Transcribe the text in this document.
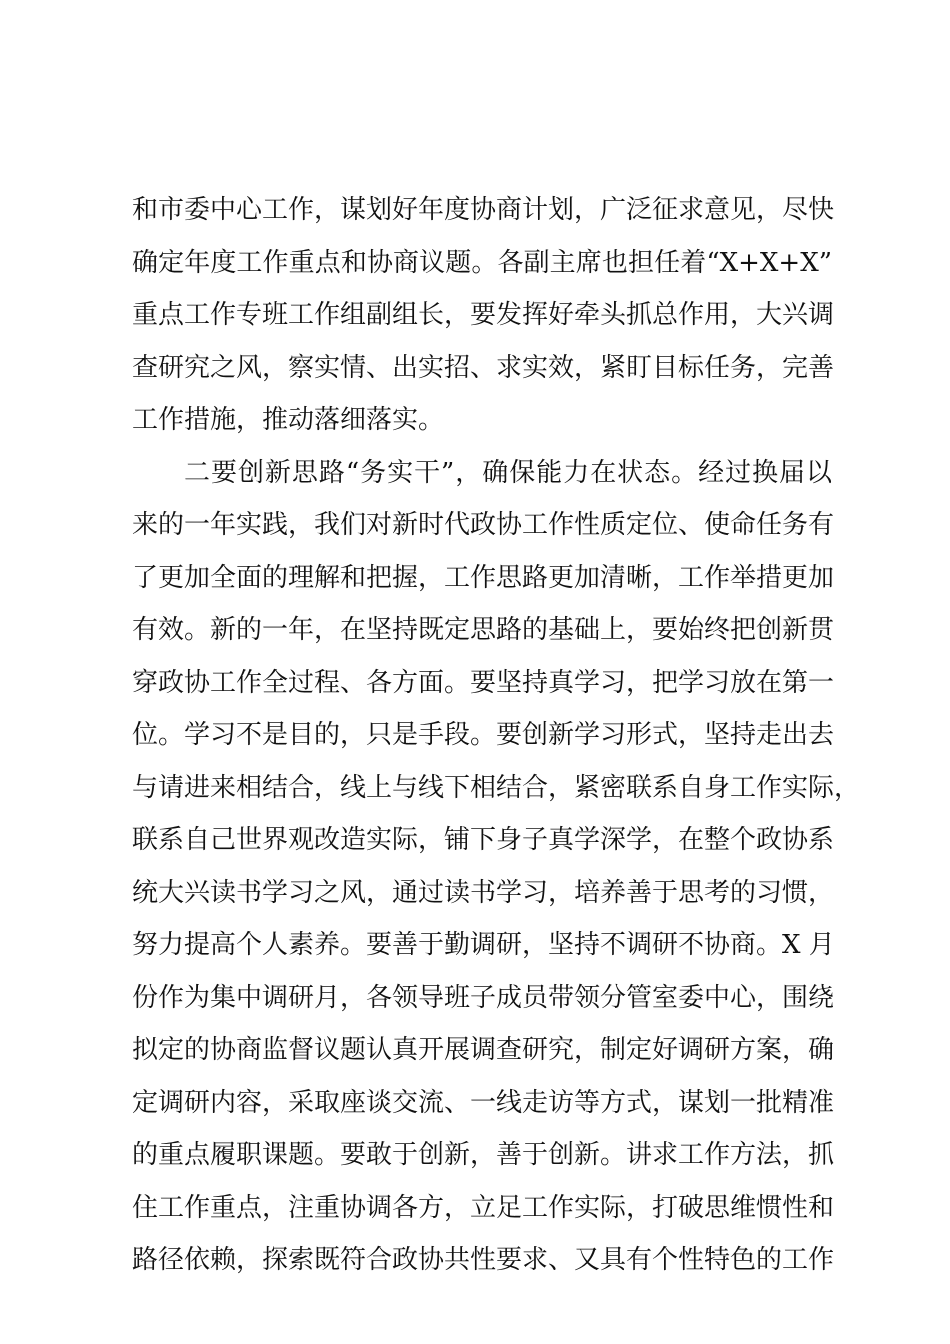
和市委中心工作，谋划好年度协商计划，广泛征求意见，尽快
确定年度工作重点和协商议题。各副主席也担任着“X+X+X”
重点工作专班工作组副组长，要发挥好牵头抓总作用，大兴调
查研究之风，察实情、出实招、求实效，紧盯目标任务，完善
工作措施，推动落细落实。
二要创新思路“务实干”，确保能力在状态。经过换届以
来的一年实践，我们对新时代政协工作性质定位、使命任务有
了更加全面的理解和把握，工作思路更加清晰，工作举措更加
有效。新的一年，在坚持既定思路的基础上，要始终把创新贯
穿政协工作全过程、各方面。要坚持真学习，把学习放在第一
位。学习不是目的，只是手段。要创新学习形式，坚持走出去
与请进来相结合，线上与线下相结合，紧密联系自身工作实际，
联系自己世界观改造实际，铺下身子真学深学，在整个政协系
统大兴读书学习之风，通过读书学习，培养善于思考的习惯，
努力提高个人素养。要善于勤调研，坚持不调研不协商。X 月
份作为集中调研月，各领导班子成员带领分管室委中心，围绕
拟定的协商监督议题认真开展调查研究，制定好调研方案，确
定调研内容，采取座谈交流、一线走访等方式，谋划一批精准
的重点履职课题。要敢于创新，善于创新。讲求工作方法，抓
住工作重点，注重协调各方，立足工作实际，打破思维惯性和
路径依赖，探索既符合政协共性要求、又具有个性特色的工作
